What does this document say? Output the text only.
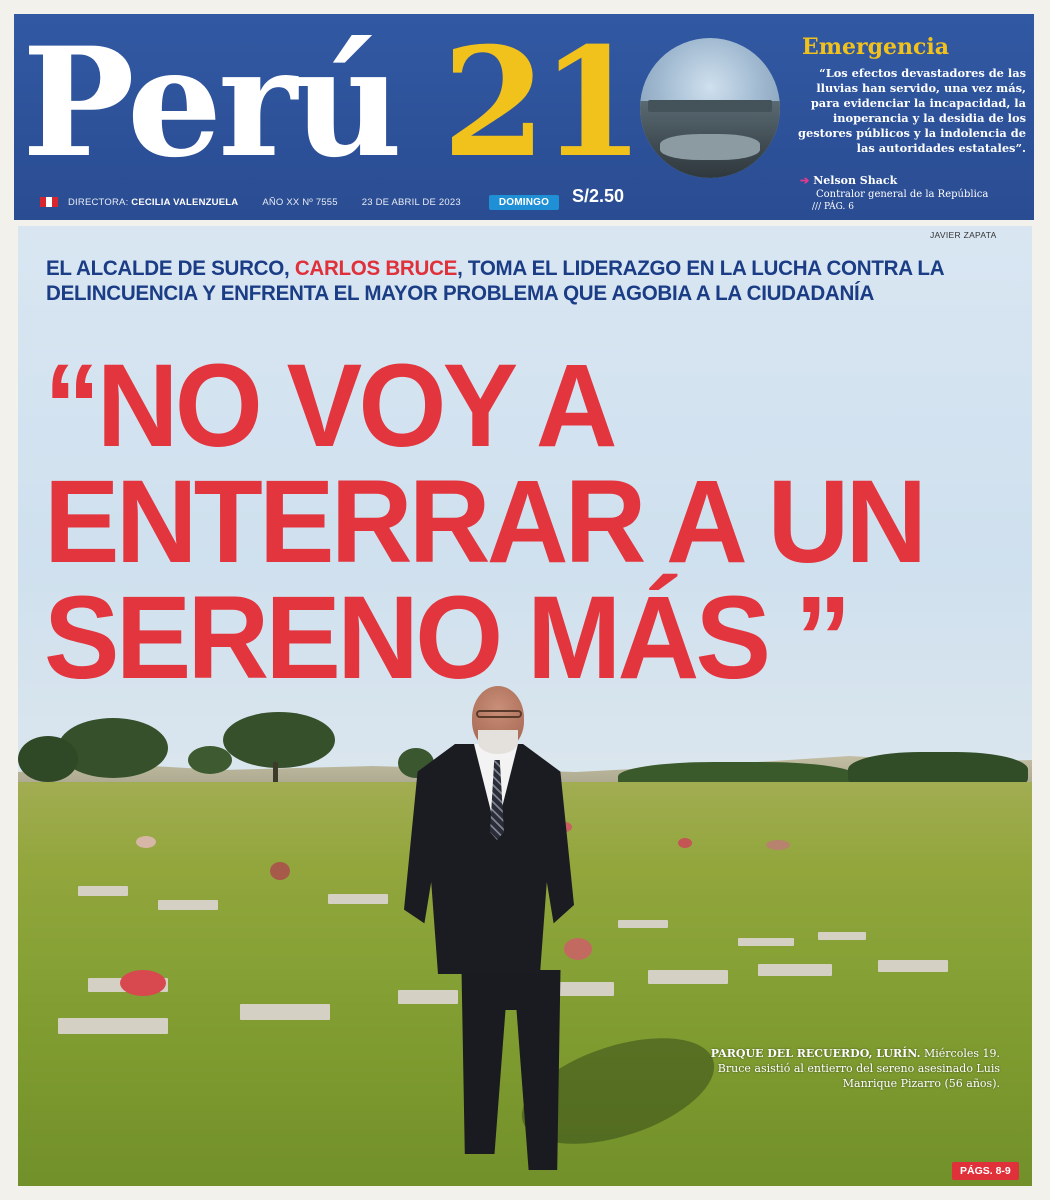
Perú 21
DIRECTORA: CECILIA VALENZUELA	AÑO XX Nº 7555	23 DE ABRIL DE 2023	DOMINGO	S/2.50
Emergencia
“Los efectos devastadores de las lluvias han servido, una vez más, para evidenciar la incapacidad, la inoperancia y la desidia de los gestores públicos y la indolencia de las autoridades estatales”.
➔ Nelson Shack
Contralor general de la República
/// PÁG. 6
JAVIER ZAPATA
EL ALCALDE DE SURCO, CARLOS BRUCE, TOMA EL LIDERAZGO EN LA LUCHA CONTRA LA DELINCUENCIA Y ENFRENTA EL MAYOR PROBLEMA QUE AGOBIA A LA CIUDADANÍA
“NO VOY A
ENTERRAR A UN
SERENO MÁS ”
PARQUE DEL RECUERDO, LURÍN. Miércoles 19. Bruce asistió al entierro del sereno asesinado Luis Manrique Pizarro (56 años).
PÁGS. 8-9
